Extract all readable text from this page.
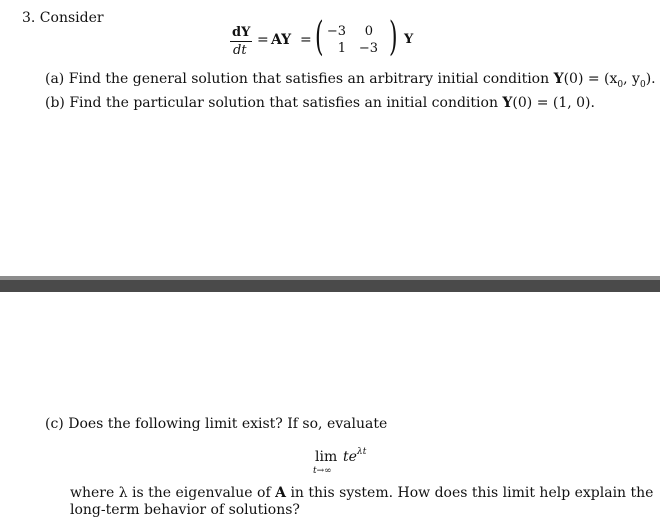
3. Consider
dY
dt
= AY = ( −3	0
1 −3 ) Y
(a) Find the general solution that satisfies an arbitrary initial condition $Y(0) = (x_0$, $y_0$).
(b) Find the particular solution that satisfies an initial condition Y(0) = (1, 0).
(c) Does the following limit exist? If so, evaluate
lim te λt
t→∞
where λ is the eigenvalue of A in this system. How does this limit help explain the
long-term behavior of solutions?
